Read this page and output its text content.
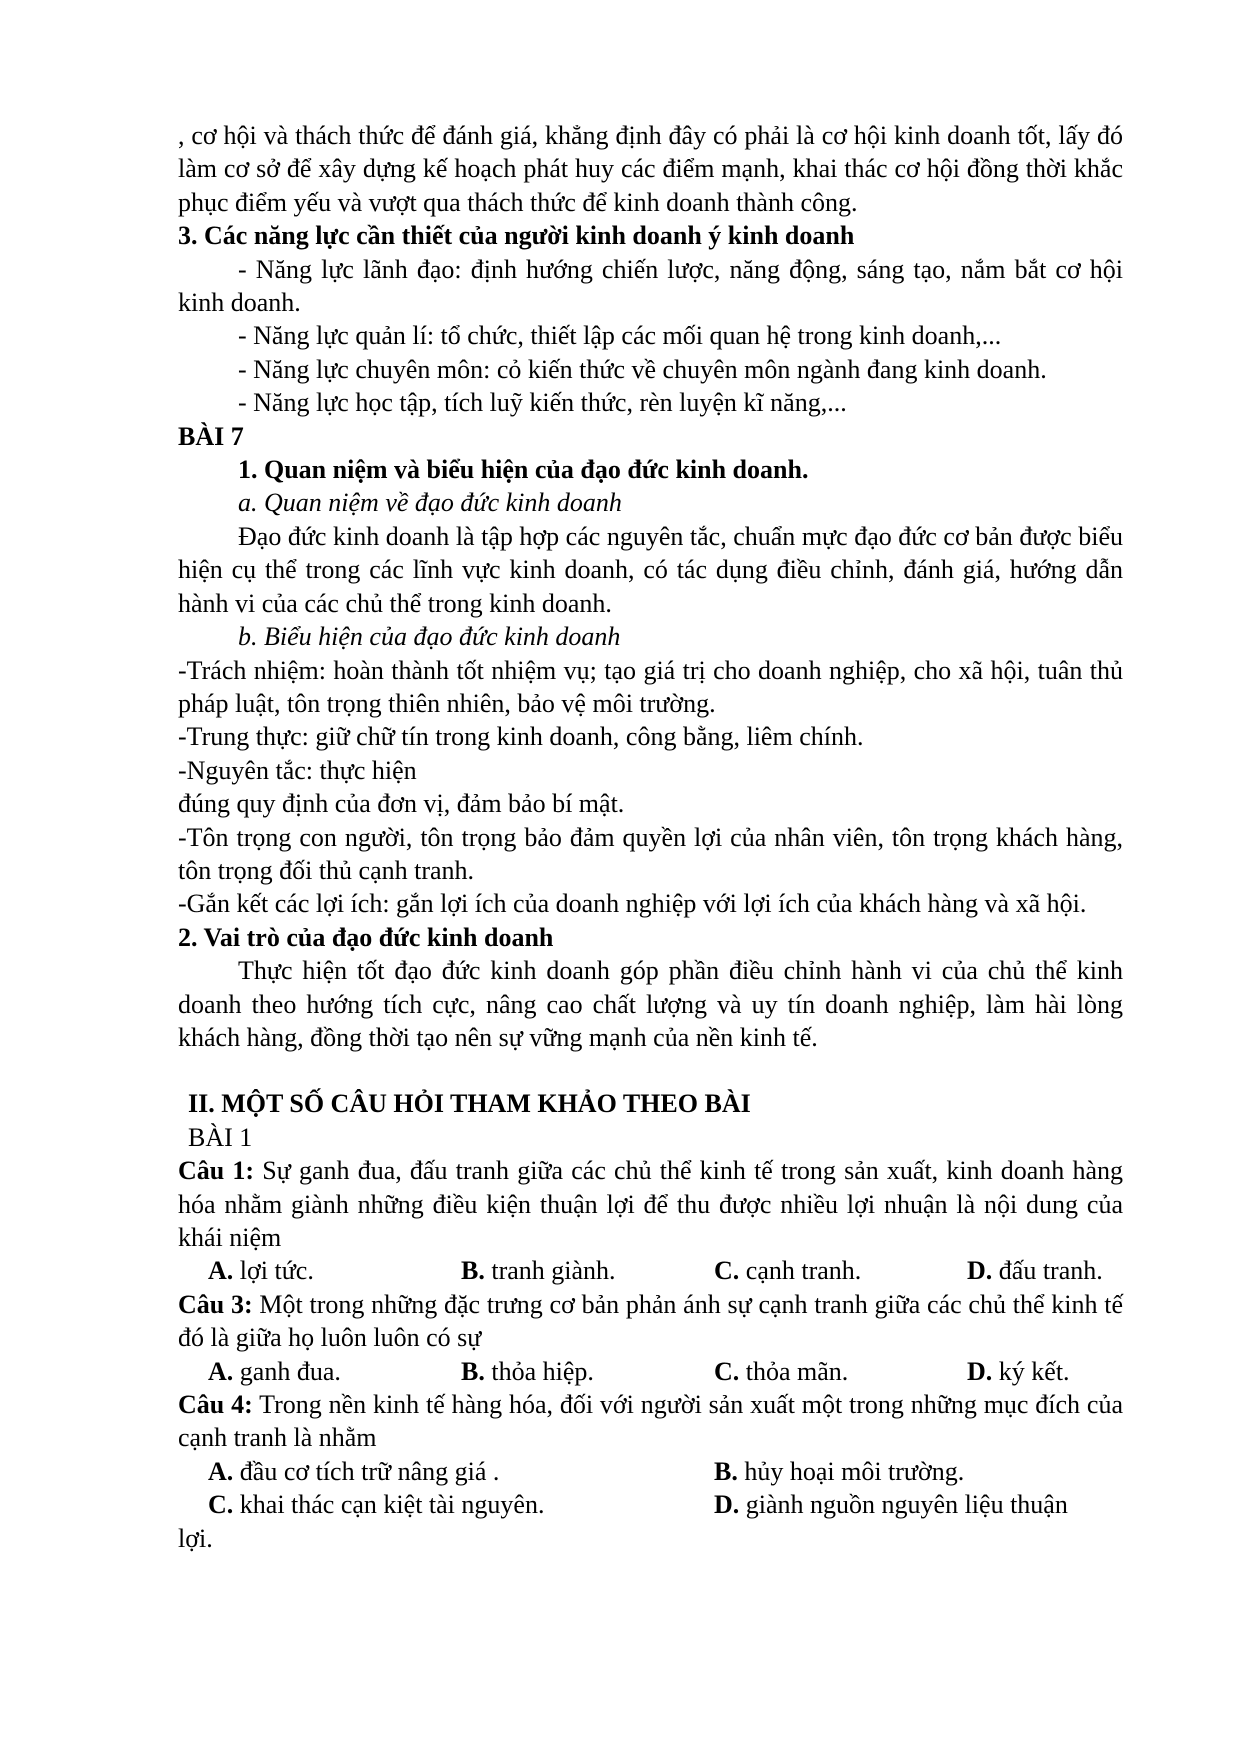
, cơ hội và thách thức để đánh giá, khẳng định đây có phải là cơ hội kinh doanh tốt, lấy đó làm cơ sở để xây dựng kế hoạch phát huy các điểm mạnh, khai thác cơ hội đồng thời khắc phục điểm yếu và vượt qua thách thức để kinh doanh thành công.

3. Các năng lực cần thiết của người kinh doanh ý kinh doanh

- Năng lực lãnh đạo: định hướng chiến lược, năng động, sáng tạo, nắm bắt cơ hội kinh doanh.

- Năng lực quản lí: tổ chức, thiết lập các mối quan hệ trong kinh doanh,...

- Năng lực chuyên môn: cỏ kiến thức về chuyên môn ngành đang kinh doanh.

- Năng lực học tập, tích luỹ kiến thức, rèn luyện kĩ năng,...

BÀI 7

1. Quan niệm và biểu hiện của đạo đức kinh doanh.

a. Quan niệm về đạo đức kinh doanh

Đạo đức kinh doanh là tập hợp các nguyên tắc, chuẩn mực đạo đức cơ bản được biểu hiện cụ thể trong các lĩnh vực kinh doanh, có tác dụng điều chỉnh, đánh giá, hướng dẫn hành vi của các chủ thể trong kinh doanh.

b. Biểu hiện của đạo đức kinh doanh

-Trách nhiệm: hoàn thành tốt nhiệm vụ; tạo giá trị cho doanh nghiệp, cho xã hội, tuân thủ pháp luật, tôn trọng thiên nhiên, bảo vệ môi trường.

-Trung thực: giữ chữ tín trong kinh doanh, công bằng, liêm chính.

-Nguyên tắc: thực hiện

đúng quy định của đơn vị, đảm bảo bí mật.

-Tôn trọng con người, tôn trọng bảo đảm quyền lợi của nhân viên, tôn trọng khách hàng, tôn trọng đối thủ cạnh tranh.

-Gắn kết các lợi ích: gắn lợi ích của doanh nghiệp với lợi ích của khách hàng và xã hội.

2. Vai trò của đạo đức kinh doanh

Thực hiện tốt đạo đức kinh doanh góp phần điều chỉnh hành vi của chủ thể kinh doanh theo hướng tích cực, nâng cao chất lượng và uy tín doanh nghiệp, làm hài lòng khách hàng, đồng thời tạo nên sự vững mạnh của nền kinh tế.

II. MỘT SỐ CÂU HỎI THAM KHẢO THEO BÀI

BÀI 1

Câu 1: Sự ganh đua, đấu tranh giữa các chủ thể kinh tế trong sản xuất, kinh doanh hàng hóa nhằm giành những điều kiện thuận lợi để thu được nhiều lợi nhuận là nội dung của khái niệm

A. lợi tức.	B. tranh giành.	C. cạnh tranh.	D. đấu tranh.

Câu 3: Một trong những đặc trưng cơ bản phản ánh sự cạnh tranh giữa các chủ thể kinh tế đó là giữa họ luôn luôn có sự

A. ganh đua.	B. thỏa hiệp.	C. thỏa mãn.	D. ký kết.

Câu 4: Trong nền kinh tế hàng hóa, đối với người sản xuất một trong những mục đích của cạnh tranh là nhằm

A. đầu cơ tích trữ nâng giá .	B. hủy hoại môi trường.
C. khai thác cạn kiệt tài nguyên.	D. giành nguồn nguyên liệu thuận

lợi.
